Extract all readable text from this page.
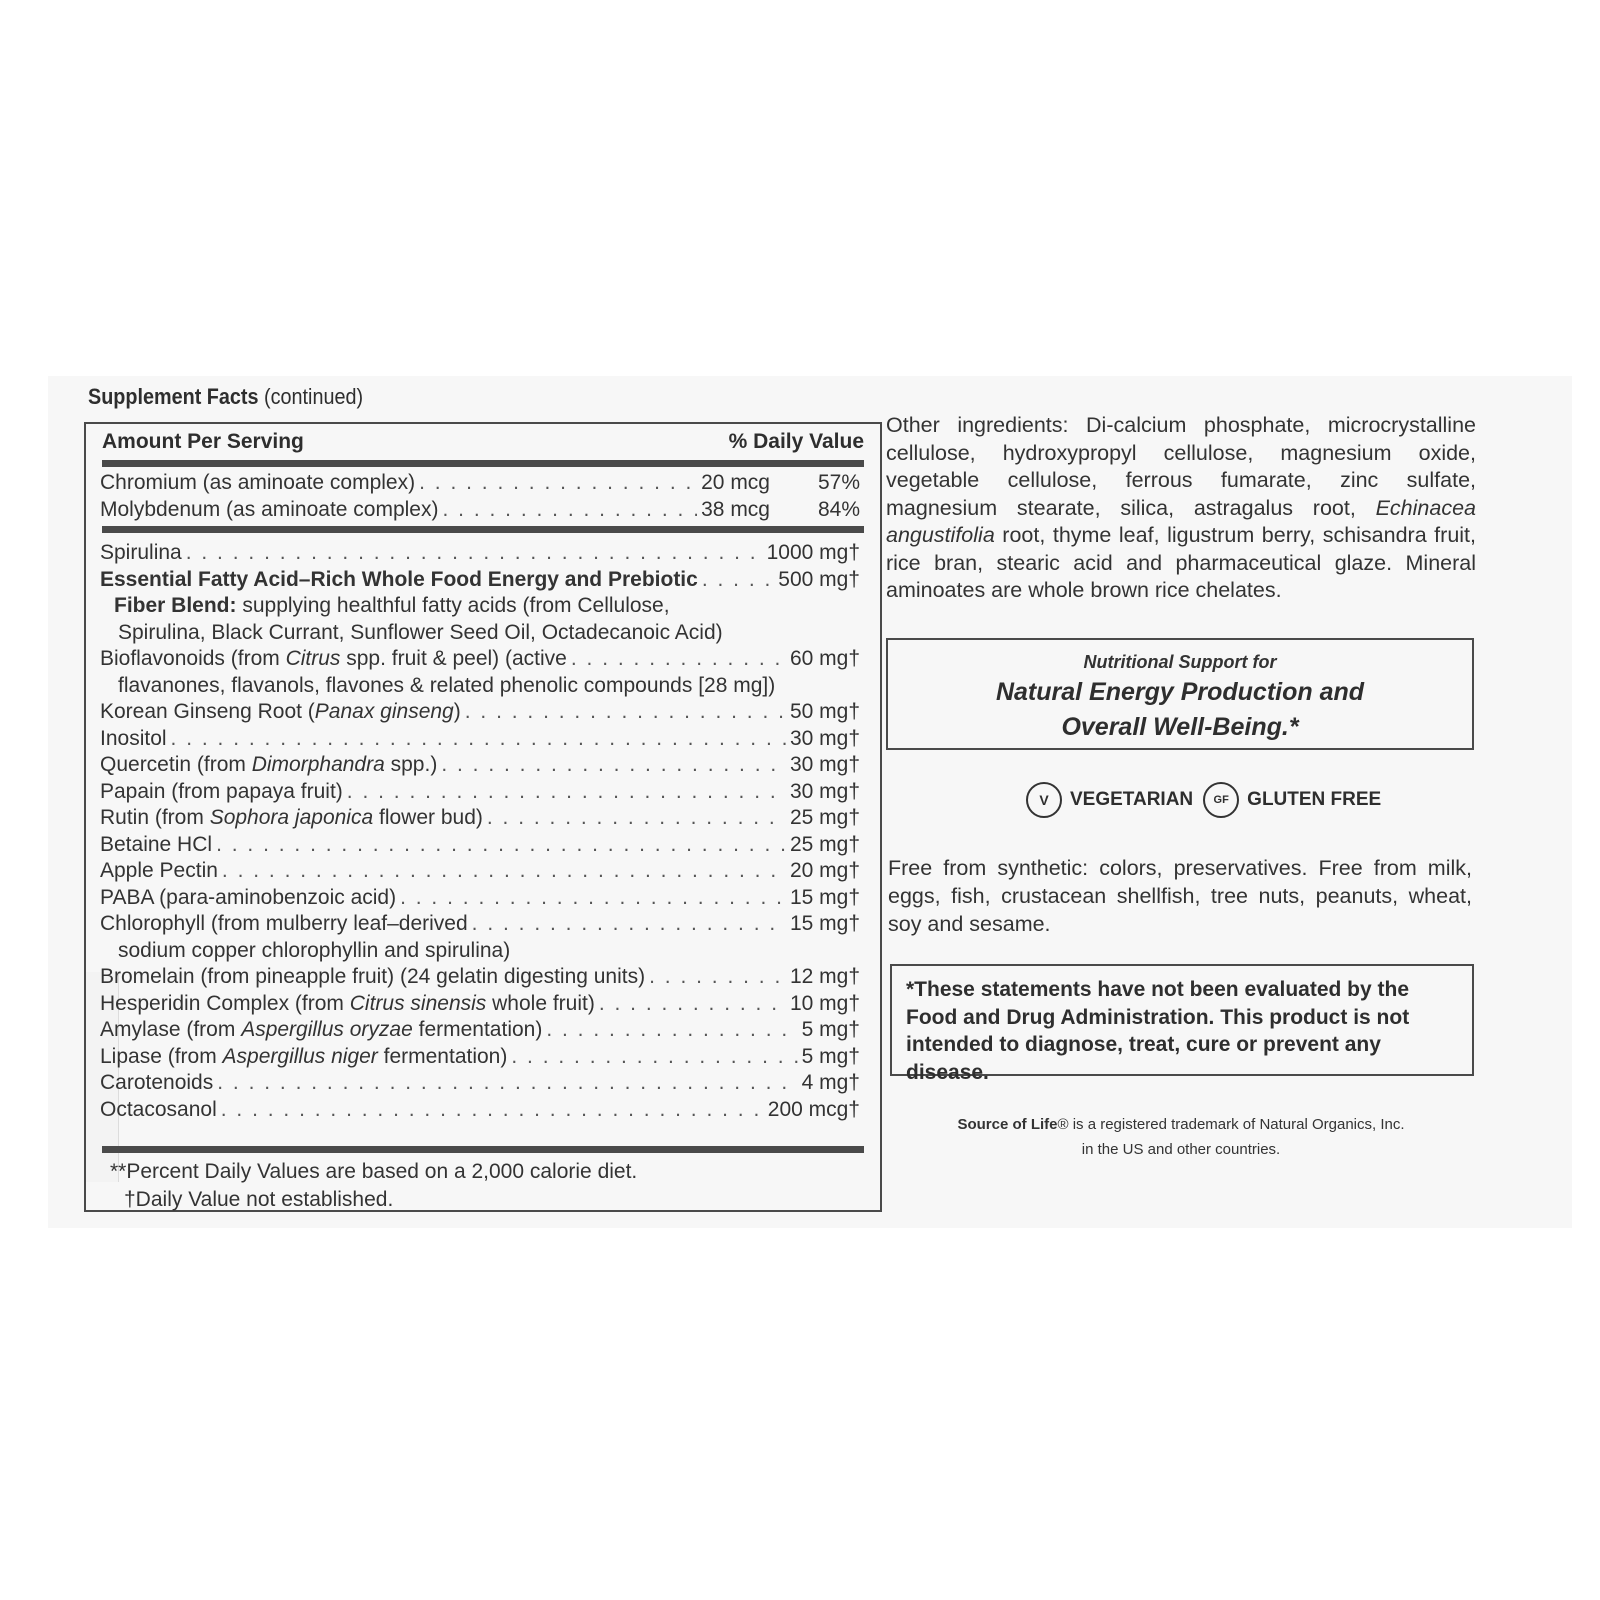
Supplement Facts (continued)
Amount Per Serving	% Daily Value
Chromium (as aminoate complex) . . .	20 mcg	57%
Molybdenum (as aminoate complex) . . .	38 mcg	84%
Spirulina . . .	1000 mg†
Essential Fatty Acid–Rich Whole Food Energy and Prebiotic . . .	500 mg†
Fiber Blend: supplying healthful fatty acids (from Cellulose,
Spirulina, Black Currant, Sunflower Seed Oil, Octadecanoic Acid)
Bioflavonoids (from Citrus spp. fruit & peel) (active . . .	60 mg†
flavanones, flavanols, flavones & related phenolic compounds [28 mg])
Korean Ginseng Root (Panax ginseng) . . .	50 mg†
Inositol . . .	30 mg†
Quercetin (from Dimorphandra spp.) . . .	30 mg†
Papain (from papaya fruit) . . .	30 mg†
Rutin (from Sophora japonica flower bud) . . .	25 mg†
Betaine HCl . . .	25 mg†
Apple Pectin . . .	20 mg†
PABA (para-aminobenzoic acid) . . .	15 mg†
Chlorophyll (from mulberry leaf–derived . . .	15 mg†
sodium copper chlorophyllin and spirulina)
Bromelain (from pineapple fruit) (24 gelatin digesting units) . . .	12 mg†
Hesperidin Complex (from Citrus sinensis whole fruit) . . .	10 mg†
Amylase (from Aspergillus oryzae fermentation) . . .	5 mg†
Lipase (from Aspergillus niger fermentation) . . .	5 mg†
Carotenoids . . .	4 mg†
Octacosanol . . .	200 mcg†
**Percent Daily Values are based on a 2,000 calorie diet.
†Daily Value not established.
Other ingredients: Di-calcium phosphate, microcrystalline cellulose, hydroxypropyl cellulose, magnesium oxide, vegetable cellulose, ferrous fumarate, zinc sulfate, magnesium stearate, silica, astragalus root, Echinacea angustifolia root, thyme leaf, ligustrum berry, schisandra fruit, rice bran, stearic acid and pharmaceutical glaze. Mineral aminoates are whole brown rice chelates.
Nutritional Support for
Natural Energy Production and
Overall Well-Being.*
V	VEGETARIAN	GF GLUTEN FREE
Free from synthetic: colors, preservatives. Free from milk, eggs, fish, crustacean shellfish, tree nuts, peanuts, wheat, soy and sesame.
*These statements have not been evaluated by the Food and Drug Administration. This product is not intended to diagnose, treat, cure or prevent any disease.
Source of Life® is a registered trademark of Natural Organics, Inc.
in the US and other countries.
